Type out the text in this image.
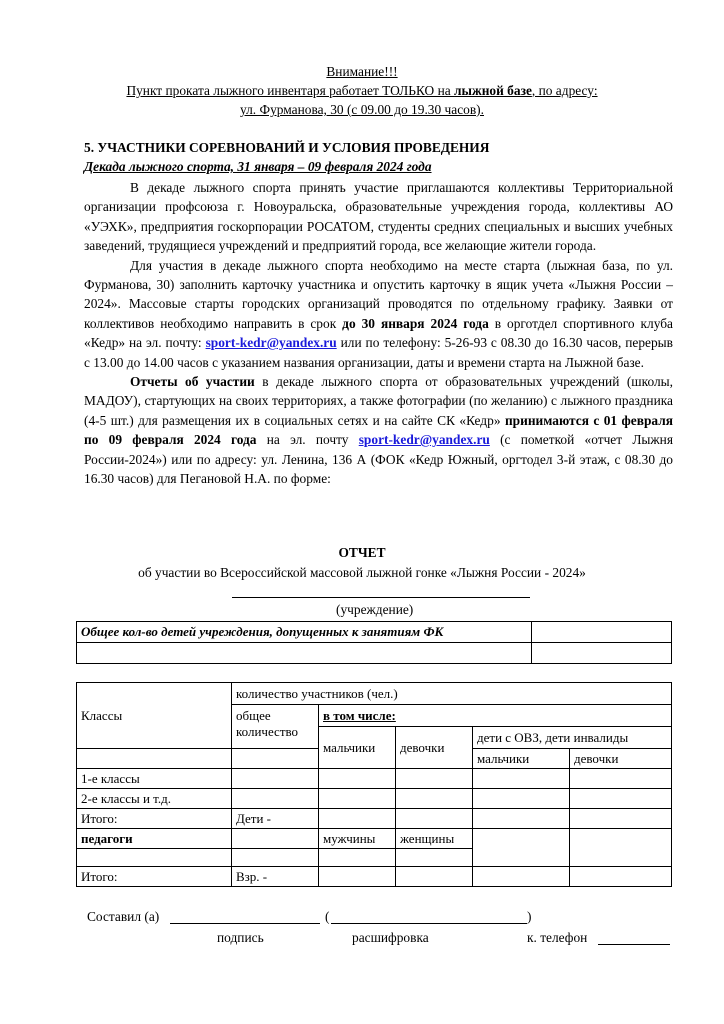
Внимание!!!
Пункт проката лыжного инвентаря работает ТОЛЬКО на лыжной базе, по адресу:
ул. Фурманова, 30 (с 09.00 до 19.30 часов).
5. УЧАСТНИКИ СОРЕВНОВАНИЙ И УСЛОВИЯ ПРОВЕДЕНИЯ
Декада лыжного спорта, 31 января – 09 февраля 2024 года

В декаде лыжного спорта принять участие приглашаются коллективы Территориальной организации профсоюза г. Новоуральска, образовательные учреждения города, коллективы АО «УЭХК», предприятия госкорпорации РОСАТОМ, студенты средних специальных и высших учебных заведений, трудящиеся учреждений и предприятий города, все желающие жители города.

Для участия в декаде лыжного спорта необходимо на месте старта (лыжная база, по ул. Фурманова, 30) заполнить карточку участника и опустить карточку в ящик учета «Лыжня России – 2024». Массовые старты городских организаций проводятся по отдельному графику. Заявки от коллективов необходимо направить в срок до 30 января 2024 года в орготдел спортивного клуба «Кедр» на эл. почту: sport-kedr@yandex.ru или по телефону: 5-26-93 с 08.30 до 16.30 часов, перерыв с 13.00 до 14.00 часов с указанием названия организации, даты и времени старта на Лыжной базе.

Отчеты об участии в декаде лыжного спорта от образовательных учреждений (школы, МАДОУ), стартующих на своих территориях, а также фотографии (по желанию) с лыжного праздника (4-5 шт.) для размещения их в социальных сетях и на сайте СК «Кедр» принимаются с 01 февраля по 09 февраля 2024 года на эл. почту sport-kedr@yandex.ru (с пометкой «отчет Лыжня России-2024») или по адресу: ул. Ленина, 136 А (ФОК «Кедр Южный, оргтодел 3-й этаж, с 08.30 до 16.30 часов) для Пегановой Н.А. по форме:

ОТЧЕТ
об участии во Всероссийской массовой лыжной гонке «Лыжня России - 2024»
(учреждение)
Общее кол-во детей учреждения, допущенных к занятиям ФК	

Классы	количество участников (чел.)				
	общее количество	в том числе:			
		мальчики	девочки	дети с ОВЗ, дети инвалиды	
				мальчики	девочки
1-е классы					
2-е классы и т.д.					
Итого:	Дети -				
педагоги		мужчины	женщины		

Итого:	Взр. -				
Составил (а)	(	)
подпись	расшифровка	к. телефон
